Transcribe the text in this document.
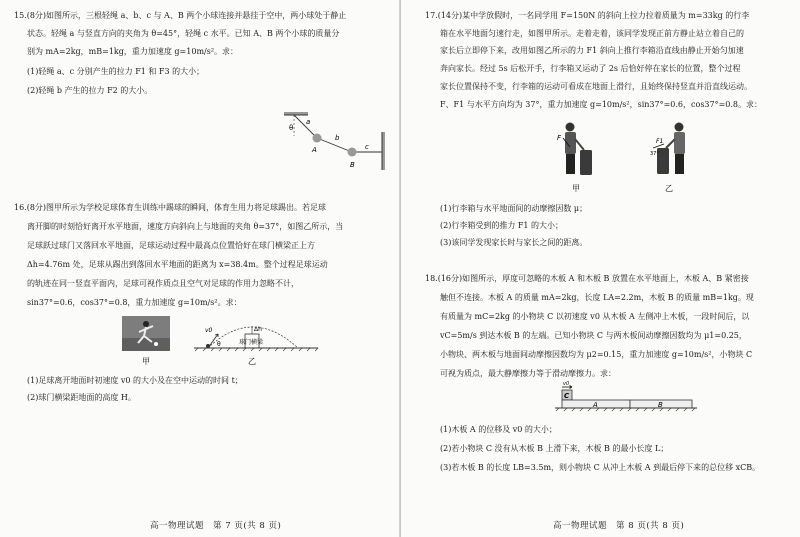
15.(8分)如图所示，三根轻绳 a、b、c 与 A、B 两个小球连接并悬挂于空中，两小球处于静止
状态。轻绳 a 与竖直方向的夹角为 θ=45°，轻绳 c 水平。已知 A、B 两个小球的质量分
别为 mA=2kg，mB=1kg，重力加速度 g=10m/s²。求：
(1)轻绳 a、c 分别产生的拉力 F1 和 F3 的大小；
(2)轻绳 b 产生的拉力 F2 的大小。
θ
a
A
b
B
c
16.(8分)图甲所示为学校足球体育生训练中踢球的瞬间，体育生用力将足球踢出。若足球
离开脚的时刻恰好离开水平地面，速度方向斜向上与地面的夹角 θ=37°，如图乙所示，当
足球跃过球门又落回水平地面，足球运动过程中最高点位置恰好在球门横梁正上方
Δh=4.76m 处，足球从踢出到落回水平地面的距离为 x=38.4m。整个过程足球运动
的轨迹在同一竖直平面内，足球可视作质点且空气对足球的作用力忽略不计，
sin37°=0.6，cos37°=0.8，重力加速度 g=10m/s²。求：
甲
v0
θ
Δh
球门横梁
乙
(1)足球离开地面时初速度 v0 的大小及在空中运动的时间 t；
(2)球门横梁距地面的高度 H。
高一物理试题　第 7 页(共 8 页)
17.(14分)某中学放假时，一名同学用 F=150N 的斜向上拉力拉着质量为 m=33kg 的行李
箱在水平地面匀速行走，如图甲所示。走着走着，该同学发现正前方静止站立着自己的
家长后立即停下来，改用如图乙所示的力 F1 斜向上推行李箱沿直线由静止开始匀加速
奔向家长。经过 5s 后松开手，行李箱又运动了 2s 后恰好停在家长的位置，整个过程
家长位置保持不变，行李箱的运动可看成在地面上滑行，且始终保持竖直并沿直线运动。
F、F1 与水平方向均为 37°，重力加速度 g=10m/s²，sin37°=0.6，cos37°=0.8。求：
F
甲
F1
37°
乙
(1)行李箱与水平地面间的动摩擦因数 μ；
(2)行李箱受到的推力 F1 的大小；
(3)该同学发现家长时与家长之间的距离。
18.(16分)如图所示，厚度可忽略的木板 A 和木板 B 放置在水平地面上，木板 A、B 紧密接
触但不连接。木板 A 的质量 mA=2kg，长度 LA=2.2m，木板 B 的质量 mB=1kg。现
有质量为 mC=2kg 的小物块 C 以初速度 v0 从木板 A 左侧冲上木板，一段时间后，以
vC=5m/s 到达木板 B 的左端。已知小物块 C 与两木板间动摩擦因数均为 μ1=0.25，
小物块、两木板与地面间动摩擦因数均为 μ2=0.15，重力加速度 g=10m/s²，小物块 C
可视为质点，最大静摩擦力等于滑动摩擦力。求：
v0
C
A	B
(1)木板 A 的位移及 v0 的大小；
(2)若小物块 C 没有从木板 B 上滑下来，木板 B 的最小长度 L；
(3)若木板 B 的长度 LB=3.5m，则小物块 C 从冲上木板 A 到最后停下来的总位移 xCB。
高一物理试题　第 8 页(共 8 页)
